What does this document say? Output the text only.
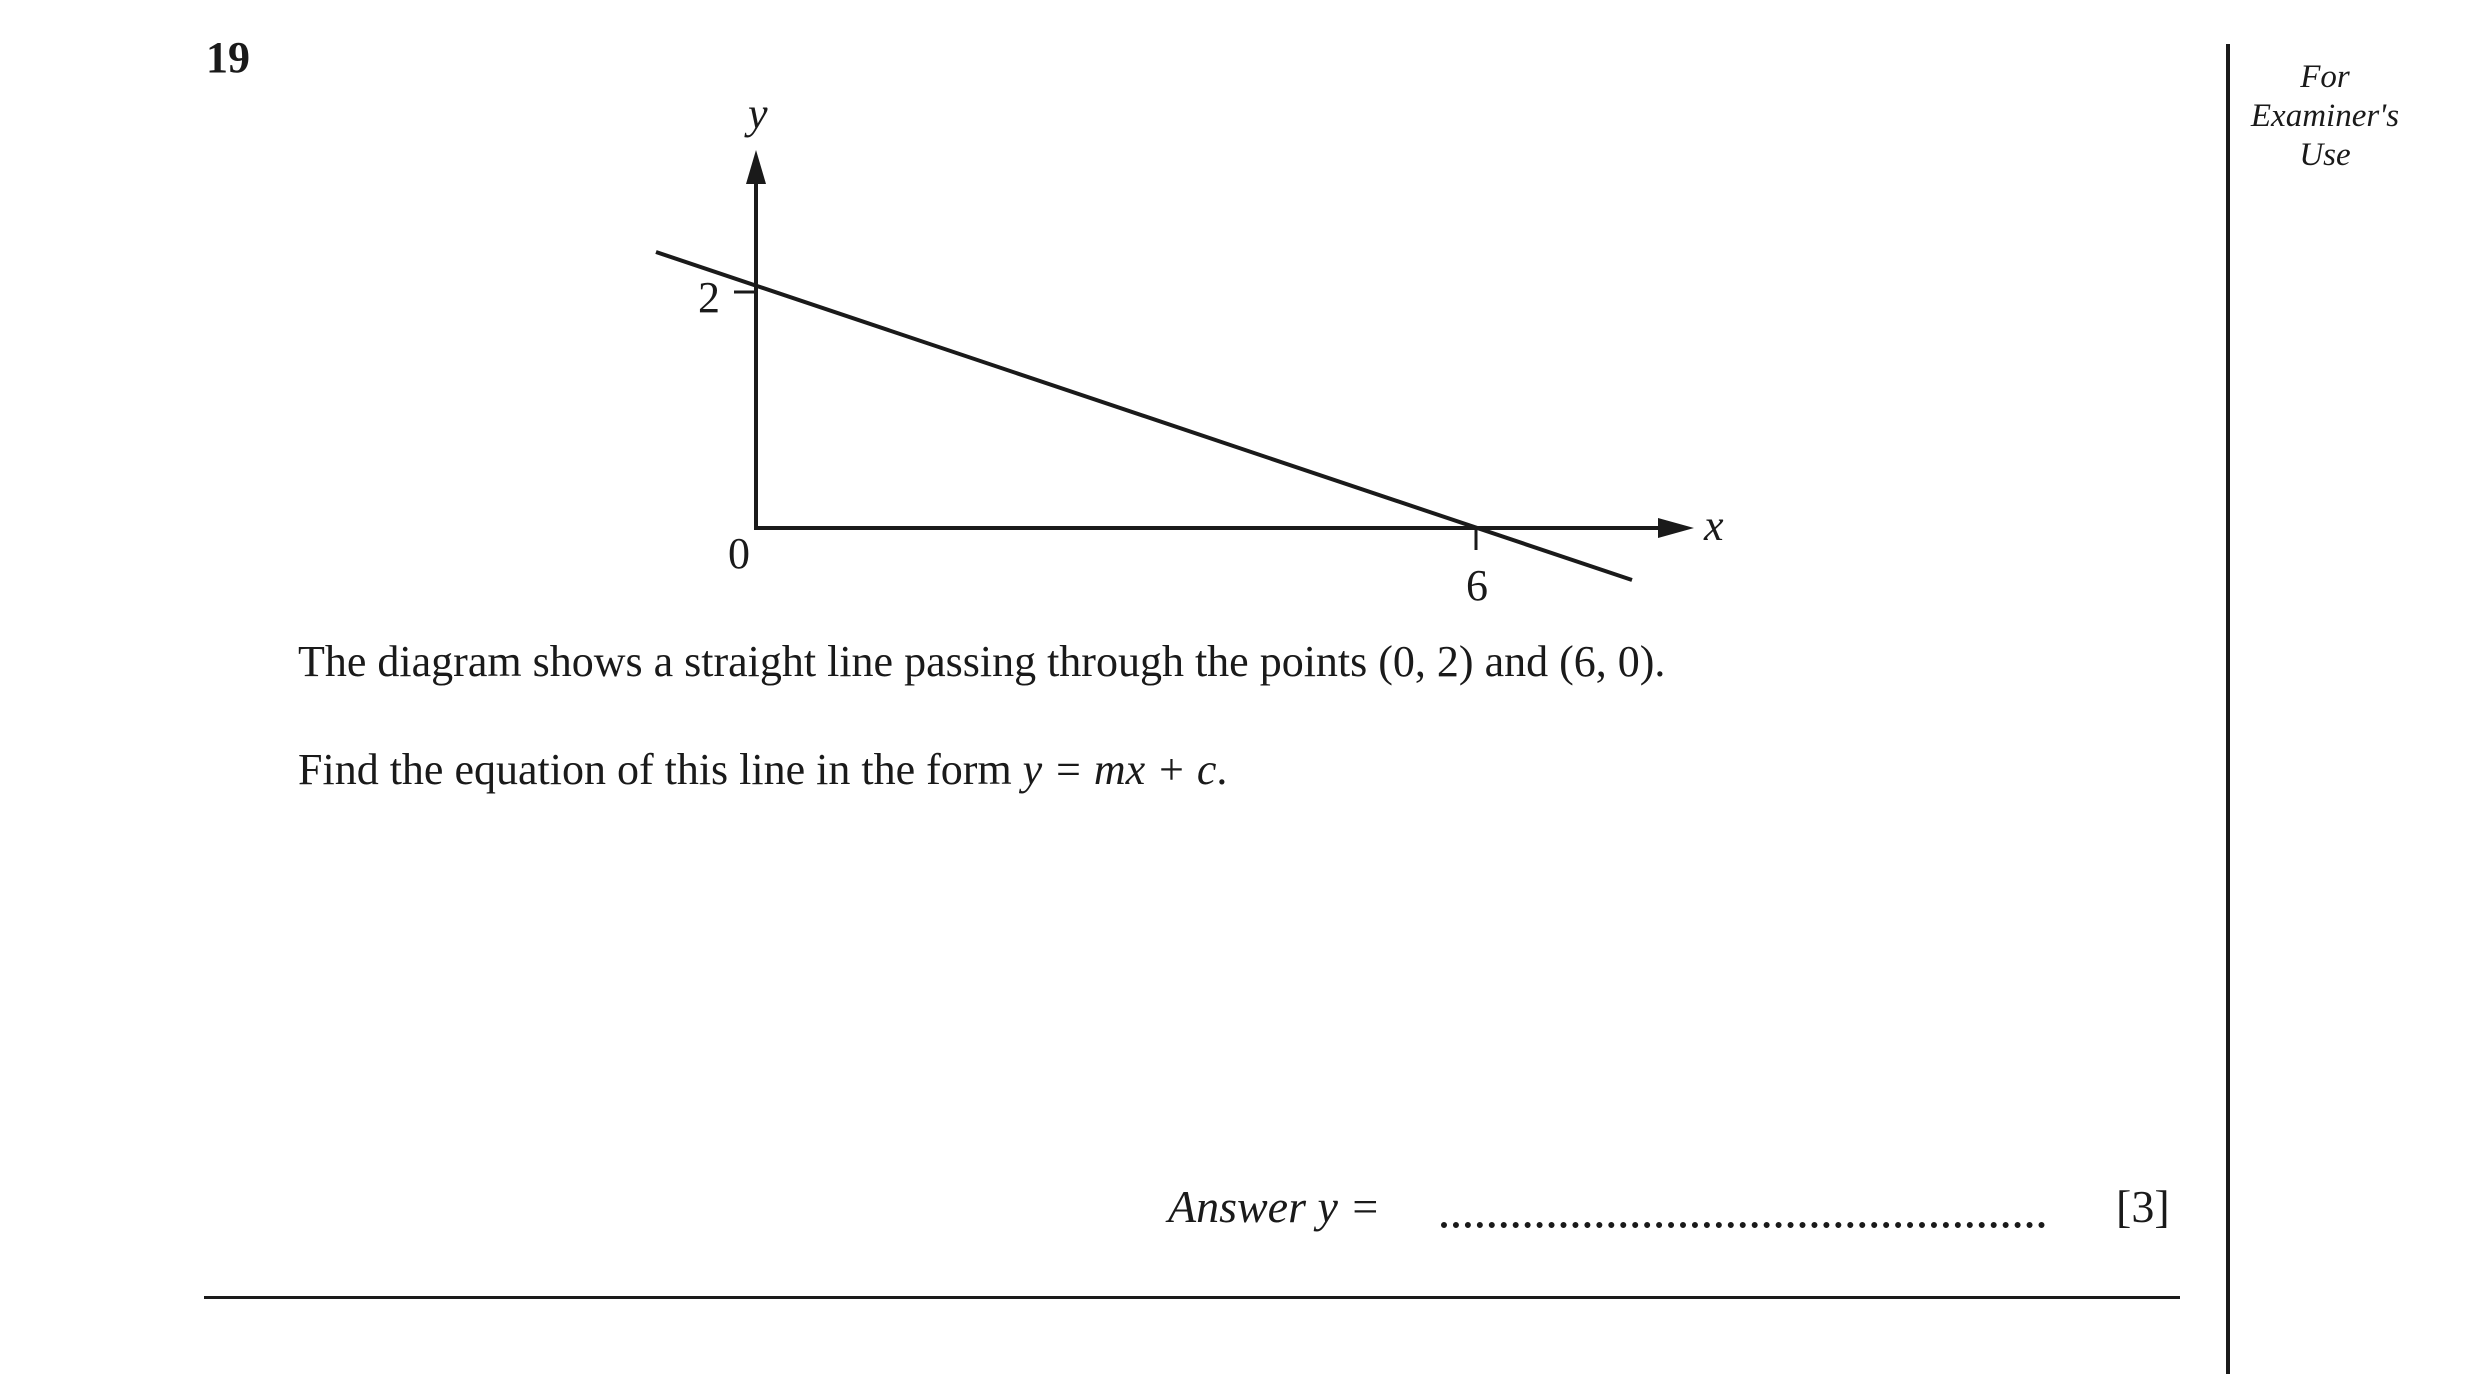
19	For
Examiner's
Use
y
x
0
2
6
The diagram shows a straight line passing through the points (0, 2) and (6, 0).
Find the equation of this line in the form y = mx + c.
Answer y =	[3]
